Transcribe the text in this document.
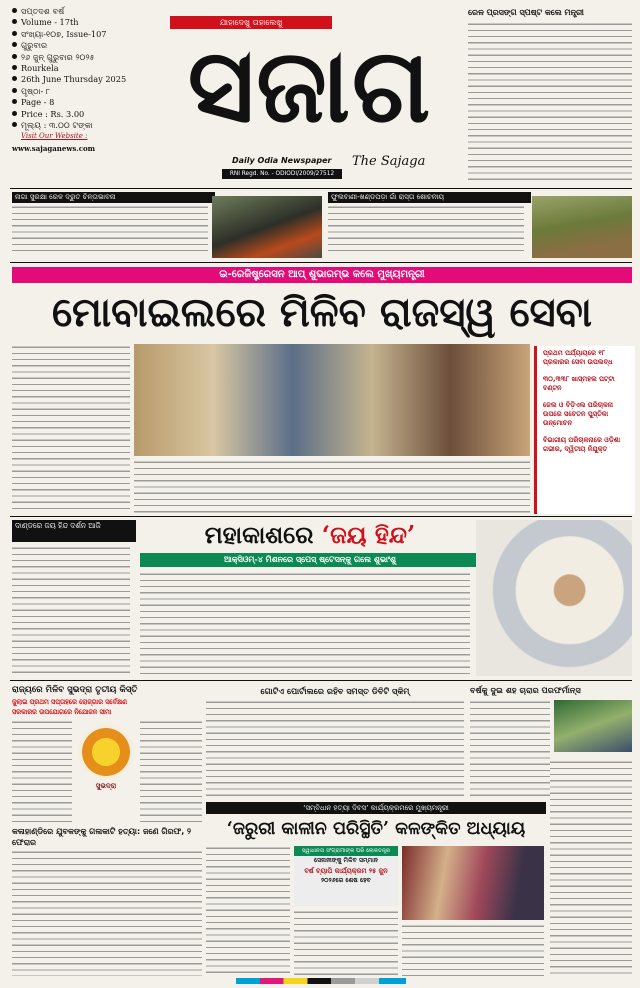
ସପ୍ତଦଶ ବର୍ଷ
Volume - 17th
ସଂଖ୍ୟା-୧୦୭, Issue-107
ଗୁରୁବାର
୨୬ ଜୁନ୍ ଗୁରୁବାର ୨୦୨୫
Rourkela
26th June Thursday 2025
ପୃଷ୍ଠା- ୮
Page - 8
Price : Rs. 3.00
ମୂଲ୍ୟ : ୩.୦୦ ଟଙ୍କା
Visit Our Website :
www.sajaganews.com
ଯାହାଦେଖୁ ତାହାଲେଖୁ
ସଜାଗ
Daily Odia Newspaper The Sajaga
RNI Regd. No. - ODIODI/2009/27512
ରେଳ ପ୍ରସଙ୍ଗ ସ୍ପଷ୍ଟ କଲେ ମନ୍ତ୍ରୀ
ନାଗା ସୁରକ୍ଷା ରେଳ ଦ୍ରୁତ ଚିନ୍ତାଭାବନା	ଫୁଲବାଣୀ-ଖଣ୍ଡପଡ଼ା ଗାଁ ରାସ୍ତା ଶୋଚନୀୟ
ଇ-ରେଜିଷ୍ଟ୍ରେସନ ଆପ୍ ଶୁଭାରମ୍ଭ କଲେ ମୁଖ୍ୟମନ୍ତ୍ରୀ
ମୋବାଇଲରେ ମିଳିବ ରାଜସ୍ୱ ସେବା
ପ୍ରଥମ ପର୍ଯ୍ୟାୟରେ ୧୮ ପ୍ରକାରର ସେବା ଉପଲବ୍ଧ
୩୦,୩୩୮ ଖାସ୍‌ମହଲ ପଟ୍ଟା ବଣ୍ଟନ
ଜେଲ ଓ ବିଡ଼ିଏଲ ପରିଚାଳନା ଉପରେ ସଚେତନ ପୁସ୍ତିକା ଉନ୍ମୋଚନ
ବିଭାଗୀୟ ପରିଚାଳନାରେ ଓଡ଼ିଶା ଗଭୀର, ଦ୍ୱିତୀୟ ନିଯୁକ୍ତ
ଦାଣ୍ଡରେ ଜୟ ହିନ୍ଦ ଦର୍ଶନ ଆଜି	ମହାକାଶରେ ‘ଜୟ ହିନ୍ଦ’
ଆକ୍ସିଓମ୍-୪ ମିଶନରେ ସ୍ପେସ୍ ଷ୍ଟେସନ୍‌କୁ ଗଲେ ଶୁଭାଂଶୁ
ରାଜ୍ୟରେ ମିଳିବ ସୁଭଦ୍ରା ତୃତୀୟ କିସ୍ତି
ଜୁଲାଇ ପ୍ରଥମ ସପ୍ତାହରେ ରୋଜ୍ଗାର ସର୍ବେକ୍ଷଣ
ସରକାରର ଉପଯୋଗରେ ନିଯୋଜନ ସୀମା
ସୁଭଦ୍ରା
ଗୋଟିଏ ପୋର୍ଟାଲରେ ରହିବ ସମସ୍ତ ଡିବିଟି ସ୍କିମ୍	ବର୍ଷକୁ ଦୁଇ ଶହ ଚାରାର ପରଫର୍ମାନ୍ସ
‘ସମ୍ବିଧାନ ହତ୍ୟା ଦିବସ’ କାର୍ଯ୍ୟକ୍ରମରେ ମୁଖ୍ୟମନ୍ତ୍ରୀ
‘ଜରୁରୀ କାଳୀନ ପରିସ୍ଥିତି’ କଳଙ୍କିତ ଅଧ୍ୟାୟ
ସ୍ୱାଧୀନତା ସଂଗ୍ରାମୀଙ୍କ ପରି ଲୋକତନ୍ତ୍ର
ସେନାନୀଙ୍କୁ ମିଳିବ ସମ୍ମାନ
ବର୍ଷ ବ୍ୟାପି କାର୍ଯ୍ୟକ୍ରମ ୨୫ ଜୁନ
୨୦୨୬ରେ ଶେଷ ହେବ
କଳାହାଣ୍ଡିରେ ଯୁବକଙ୍କୁ ଗଳାକାଟି ହତ୍ୟା: ଜଣେ ଗିରଫ, ୨ ଫେରାର
